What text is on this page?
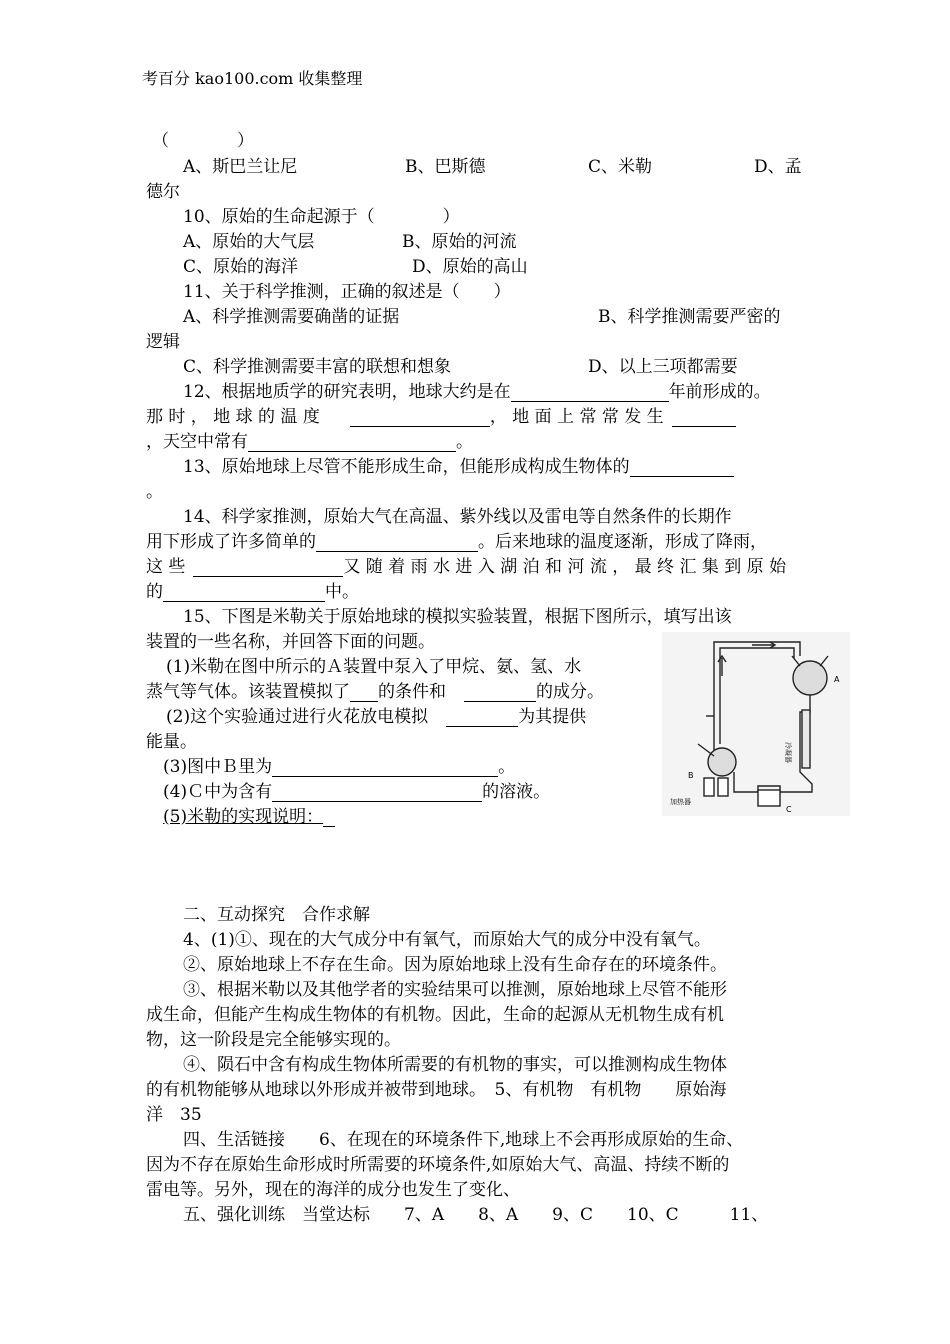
考百分 kao100.com 收集整理
（　　　　）
A、斯巴兰让尼	B、巴斯德	C、米勒	D、孟
德尔
10、原始的生命起源于（　　　　）
A、原始的大气层	B、原始的河流
C、原始的海洋	D、原始的高山
11、关于科学推测，正确的叙述是（　　）
A、科学推测需要确凿的证据	B、科学推测需要严密的
逻辑
C、科学推测需要丰富的联想和想象	D、以上三项都需要
12、根据地质学的研究表明，地球大约是在	年前形成的。
那 时 ， 地 球 的 温 度	， 地 面 上 常 常 发 生
，天空中常有	。
13、原始地球上尽管不能形成生命，但能形成构成生物体的
。
14、科学家推测，原始大气在高温、紫外线以及雷电等自然条件的长期作
用下形成了许多简单的	。后来地球的温度逐渐，形成了降雨，
这 些	又 随 着 雨 水 进 入 湖 泊 和 河 流 ， 最 终 汇 集 到 原 始
的	中。
15、下图是米勒关于原始地球的模拟实验装置，根据下图所示，填写出该
装置的一些名称，并回答下面的问题。
(1)米勒在图中所示的Ａ装置中泵入了甲烷、氨、氢、水
蒸气等气体。该装置模拟了 的条件和	的成分。
(2)这个实验通过进行火花放电模拟	为其提供
能量。
(3)图中Ｂ里为	。
(4)Ｃ中为含有	的溶液。
(5)米勒的实现说明：
A
B
C
冷凝器
加热器
二、互动探究　合作求解
4、(1)①、现在的大气成分中有氧气，而原始大气的成分中没有氧气。
②、原始地球上不存在生命。因为原始地球上没有生命存在的环境条件。
③、根据米勒以及其他学者的实验结果可以推测，原始地球上尽管不能形
成生命，但能产生构成生物体的有机物。因此，生命的起源从无机物生成有机
物，这一阶段是完全能够实现的。
④、陨石中含有构成生物体所需要的有机物的事实，可以推测构成生物体
的有机物能够从地球以外形成并被带到地球。　5、有机物　有机物　　原始海
洋　35
四、生活链接　　6、在现在的环境条件下,地球上不会再形成原始的生命、
因为不存在原始生命形成时所需要的环境条件,如原始大气、高温、持续不断的
雷电等。另外，现在的海洋的成分也发生了变化、
五、强化训练　当堂达标　　7、A　　8、A　　9、C　　10、C　　　11、
